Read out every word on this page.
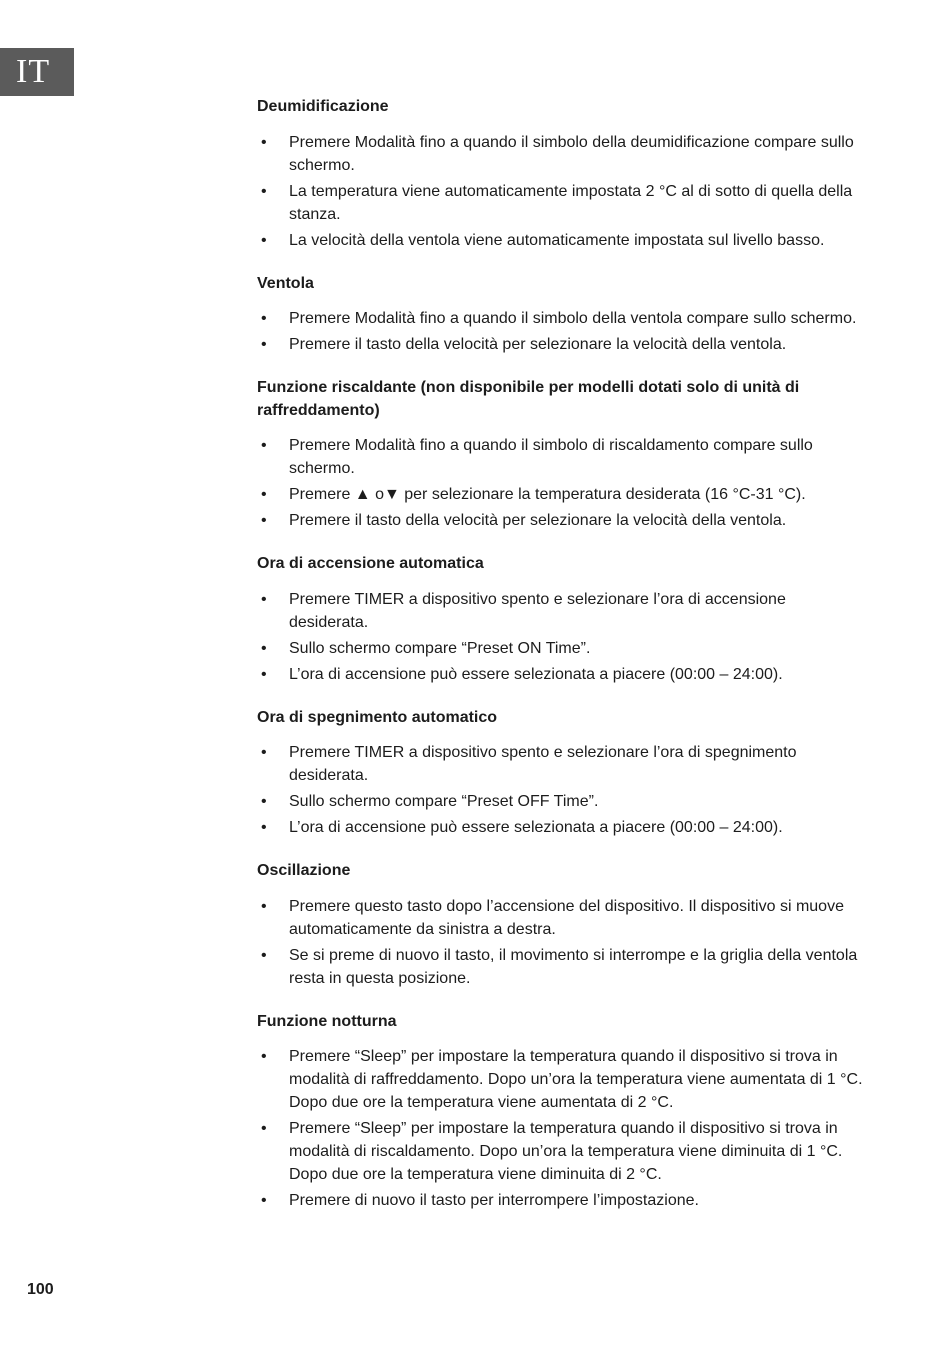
IT
Deumidificazione
• Premere Modalità fino a quando il simbolo della deumidificazione compare sullo schermo.
• La temperatura viene automaticamente impostata 2 °C al di sotto di quella della stanza.
• La velocità della ventola viene automaticamente impostata sul livello basso.
Ventola
• Premere Modalità fino a quando il simbolo della ventola compare sullo schermo.
• Premere il tasto della velocità per selezionare la velocità della ventola.
Funzione riscaldante (non disponibile per modelli dotati solo di unità di raffreddamento)
• Premere Modalità fino a quando il simbolo di riscaldamento compare sullo schermo.
• Premere ▲ o▼ per selezionare la temperatura desiderata (16 °C-31 °C).
• Premere il tasto della velocità per selezionare la velocità della ventola.
Ora di accensione automatica
• Premere TIMER a dispositivo spento e selezionare l’ora di accensione desiderata.
• Sullo schermo compare “Preset ON Time”.
• L’ora di accensione può essere selezionata a piacere (00:00 – 24:00).
Ora di spegnimento automatico
• Premere TIMER a dispositivo spento e selezionare l’ora di spegnimento desiderata.
• Sullo schermo compare “Preset OFF Time”.
• L’ora di accensione può essere selezionata a piacere (00:00 – 24:00).
Oscillazione
• Premere questo tasto dopo l’accensione del dispositivo. Il dispositivo si muove automaticamente da sinistra a destra.
• Se si preme di nuovo il tasto, il movimento si interrompe e la griglia della ventola resta in questa posizione.
Funzione notturna
• Premere “Sleep” per impostare la temperatura quando il dispositivo si trova in modalità di raffreddamento. Dopo un’ora la temperatura viene aumentata di 1 °C. Dopo due ore la temperatura viene aumentata di 2 °C.
• Premere “Sleep” per impostare la temperatura quando il dispositivo si trova in modalità di riscaldamento. Dopo un’ora la temperatura viene diminuita di 1 °C. Dopo due ore la temperatura viene diminuita di 2 °C.
• Premere di nuovo il tasto per interrompere l’impostazione.
100
